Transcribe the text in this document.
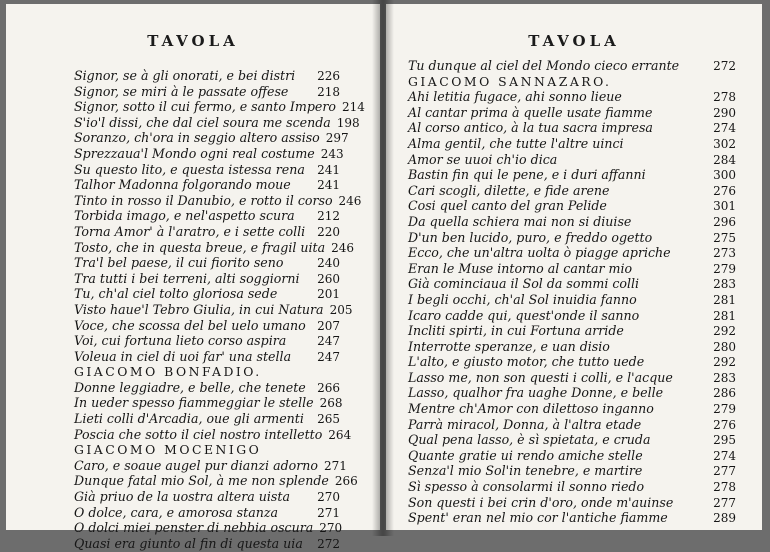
TAVOLA
Signor, se à gli onorati, e bei distri 226
Signor, se miri à le passate offese 218
Signor, sotto il cui fermo, e santo Impero 214
S'io'l dissi, che dal ciel soura me scenda 198
Soranzo, ch'ora in seggio altero assiso 297
Sprezzaua'l Mondo ogni real costume 243
Su questo lito, e questa istessa rena 241
Talhor Madonna folgorando moue 241
Tinto in rosso il Danubio, e rotto il corso 246
Torbida imago, e nel'aspetto scura 212
Torna Amor' à l'aratro, e i sette colli 220
Tosto, che in questa breue, e fragil uita 246
Tra'l bel paese, il cui fiorito seno	240
Tra tutti i bei terreni, alti soggiorni 260
Tu, ch'al ciel tolto gloriosa sede	201
Visto haue'l Tebro Giulia, in cui Natura 205
Voce, che scossa del bel uelo umano 207
Voi, cui fortuna lieto corso aspira	247
Voleua in ciel di uoi far' una stella 247
GIACOMO BONFADIO.
Donne leggiadre, e belle, che tenete 266
In ueder spesso fiammeggiar le stelle 268
Lieti colli d'Arcadia, oue gli armenti 265
Poscia che sotto il ciel nostro intelletto 264
GIACOMO MOCENIGO
Caro, e soaue augel pur dianzi adorno 271
Dunque fatal mio Sol, à me non splende 266
Già priuo de la uostra altera uista 270
O dolce, cara, e amorosa stanza	271
O dolci miei penster di nebbia oscura 270
Quasi era giunto al fin di questa uia 272
TAVOLA
Tu dunque al ciel del Mondo cieco errante	272
GIACOMO SANNAZARO.
Ahi letitia fugace, ahi sonno lieue	278
Al cantar prima à quelle usate fiamme	290
Al corso antico, à la tua sacra impresa	274
Alma gentil, che tutte l'altre uinci	302
Amor se uuoi ch'io dica	284
Bastin fin qui le pene, e i duri affanni	300
Cari scogli, dilette, e fide arene	276
Cosi quel canto del gran Pelide	301
Da quella schiera mai non si diuise	296
D'un ben lucido, puro, e freddo ogetto	275
Ecco, che un'altra uolta ò piagge apriche	273
Eran le Muse intorno al cantar mio	279
Già cominciaua il Sol da sommi colli	283
I begli occhi, ch'al Sol inuidia fanno	281
Icaro cadde qui, quest'onde il sanno	281
Incliti spirti, in cui Fortuna arride	292
Interrotte speranze, e uan disio	280
L'alto, e giusto motor, che tutto uede	292
Lasso me, non son questi i colli, e l'acque	283
Lasso, qualhor fra uaghe Donne, e belle	286
Mentre ch'Amor con dilettoso inganno	279
Parrà miracol, Donna, à l'altra etade	276
Qual pena lasso, è sì spietata, e cruda	295
Quante gratie ui rendo amiche stelle	274
Senza'l mio Sol'in tenebre, e martire	277
Sì spesso à consolarmi il sonno riedo	278
Son questi i bei crin d'oro, onde m'auinse	277
Spent' eran nel mio cor l'antiche fiamme	289
